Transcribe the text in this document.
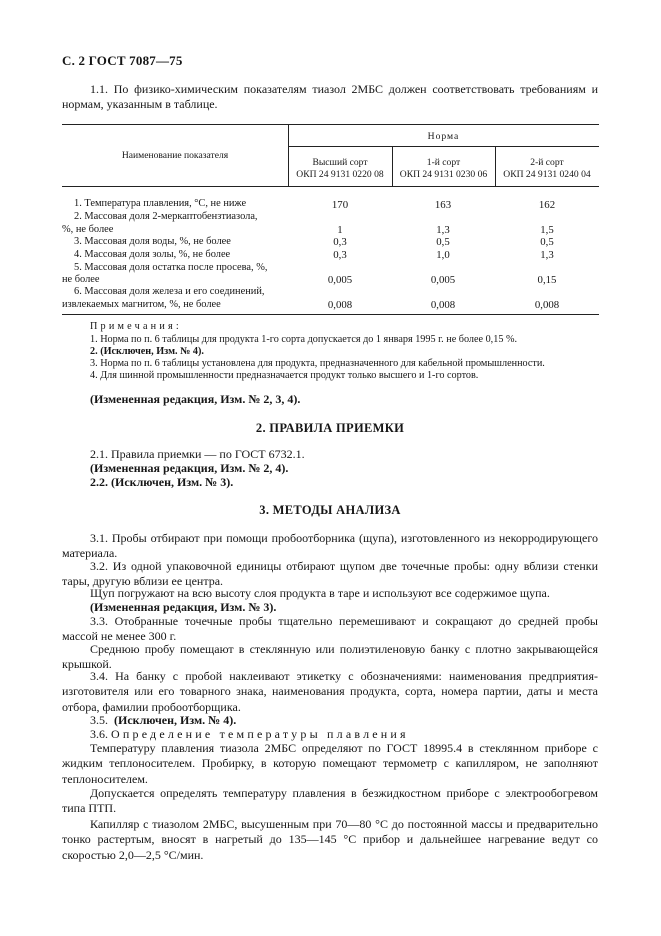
С. 2 ГОСТ 7087—75
1.1. По физико-химическим показателям тиазол 2МБС должен соответствовать требованиям и нормам, указанным в таблице.
Наименование показателя
Норма
Высший сорт
ОКП 24 9131 0220 08
1-й сорт
ОКП 24 9131 0230 06
2-й сорт
ОКП 24 9131 0240 04
1. Температура плавления, °С, не ниже	170	163	162
2. Массовая доля 2-меркаптобензтиазола,
%, не более	1	1,3	1,5
3. Массовая доля воды, %, не более	0,3	0,5	0,5
4. Массовая доля золы, %, не более	0,3	1,0	1,3
5. Массовая доля остатка после просева, %,
не более	0,005	0,005	0,15
6. Массовая доля железа и его соединений,
извлекаемых магнитом, %, не более	0,008	0,008	0,008
Примечания:
1. Норма по п. 6 таблицы для продукта 1-го сорта допускается до 1 января 1995 г. не более 0,15 %.
2. (Исключен, Изм. № 4).
3. Норма по п. 6 таблицы установлена для продукта, предназначенного для кабельной промышленности.
4. Для шинной промышленности предназначается продукт только высшего и 1-го сортов.
(Измененная редакция, Изм. № 2, 3, 4).
2. ПРАВИЛА ПРИЕМКИ
2.1. Правила приемки — по ГОСТ 6732.1.
(Измененная редакция, Изм. № 2, 4).
2.2. (Исключен, Изм. № 3).
3. МЕТОДЫ АНАЛИЗА
3.1. Пробы отбирают при помощи пробоотборника (щупа), изготовленного из некорродирующего материала.
3.2. Из одной упаковочной единицы отбирают щупом две точечные пробы: одну вблизи стенки тары, другую вблизи ее центра.
Щуп погружают на всю высоту слоя продукта в таре и используют все содержимое щупа.
(Измененная редакция, Изм. № 3).
3.3. Отобранные точечные пробы тщательно перемешивают и сокращают до средней пробы массой не менее 300 г.
Среднюю пробу помещают в стеклянную или полиэтиленовую банку с плотно закрывающейся крышкой.
3.4. На банку с пробой наклеивают этикетку с обозначениями: наименования предприятия-изготовителя или его товарного знака, наименования продукта, сорта, номера партии, даты и места отбора, фамилии пробоотборщика.
3.5. (Исключен, Изм. № 4).
3.6. Определение температуры плавления
Температуру плавления тиазола 2МБС определяют по ГОСТ 18995.4 в стеклянном приборе с жидким теплоносителем. Пробирку, в которую помещают термометр с капилляром, не заполняют теплоносителем.
Допускается определять температуру плавления в безжидкостном приборе с электрообогревом типа ПТП.
Капилляр с тиазолом 2МБС, высушенным при 70—80 °С до постоянной массы и предварительно тонко растертым, вносят в нагретый до 135—145 °С прибор и дальнейшее нагревание ведут со скоростью 2,0—2,5 °С/мин.
